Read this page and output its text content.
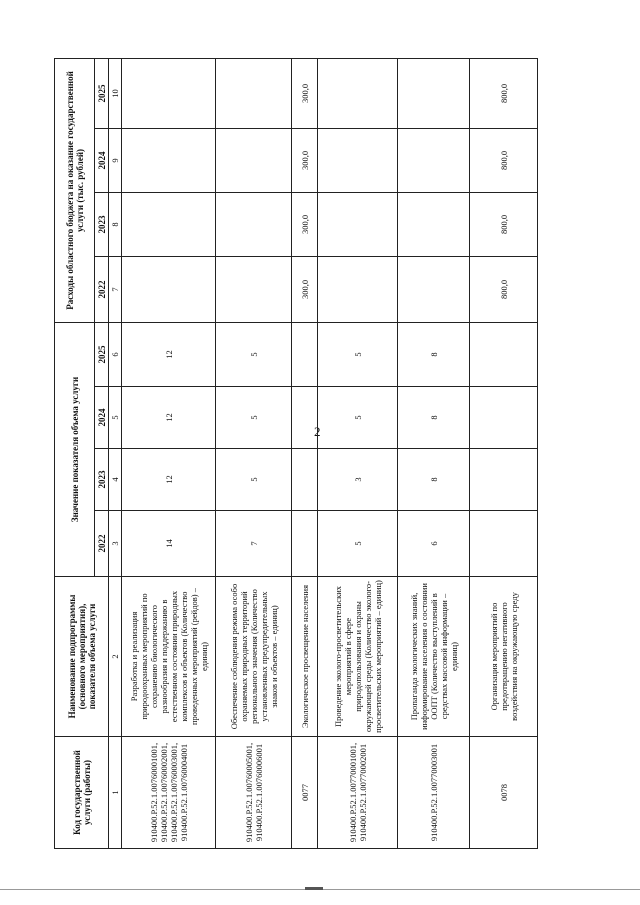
2
Код государственной услуги (работы)	Наименование подпрограммы (основного мероприятия), показателя объема услуги	Значение показателя объема услуги				Расходы областного бюджета на оказание государственной услуги (тыс. рублей)			
		2022	2023	2024	2025	2022	2023	2024	2025
1	2	3	4	5	6	7	8	9	10
910400.Р.52.1.00760001001, 910400.Р.52.1.00760002001, 910400.Р.52.1.00760003001, 910400.Р.52.1.00760004001	Разработка и реализация природоохранных мероприятий по сохранению биологического разнообразия и поддержанию в естественном состоянии природных комплексов и объектов (Количество проведенных мероприятий (рейдов) – единиц)	14	12	12	12				
910400.Р.52.1.00760005001, 910400.Р.52.1.00760006001	Обеспечение соблюдения режима особо охраняемых природных территорий регионального значения (Количество установленных предупредительных знаков и объектов – единиц)	7	5	5	5				
0077	Экологическое просвещение населения					300,0	300,0	300,0	300,0
910400.Р.52.1.00770001001, 910400.Р.52.1.00770002001	Проведение эколого-просветительских мероприятий в сфере природопользования и охраны окружающей среды (Количество эколого-просветительских мероприятий – единиц)	5	3	5	5				
910400.Р.52.1.00770003001	Пропаганда экологических знаний, информирование населения о состоянии ООПТ (Количество выступлений в средствах массовой информации – единиц)	6	8	8	8				
0078	Организация мероприятий по предотвращению негативного воздействия на окружающую среду					800,0	800,0	800,0	800,0
